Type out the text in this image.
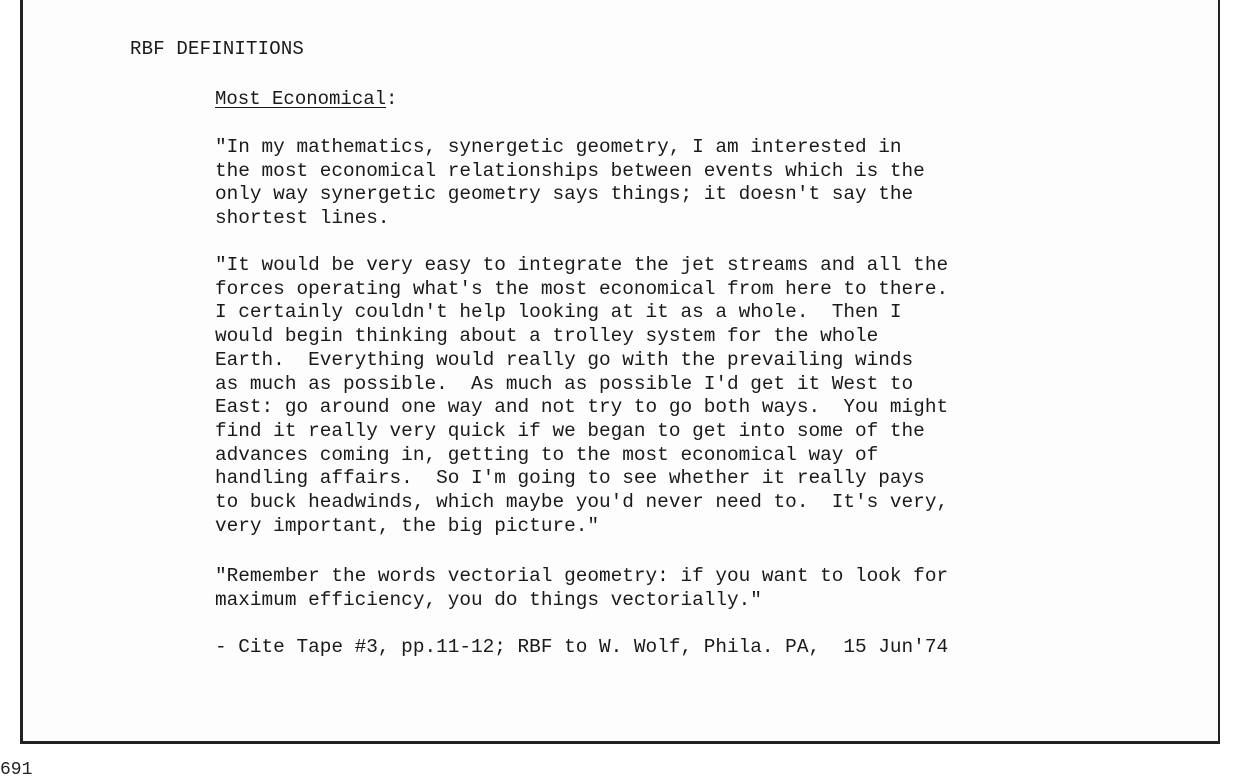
RBF DEFINITIONS
Most Economical:

"In my mathematics, synergetic geometry, I am interested in
the most economical relationships between events which is the
only way synergetic geometry says things; it doesn't say the
shortest lines.

"It would be very easy to integrate the jet streams and all the
forces operating what's the most economical from here to there.
I certainly couldn't help looking at it as a whole.  Then I
would begin thinking about a trolley system for the whole
Earth.  Everything would really go with the prevailing winds
as much as possible.  As much as possible I'd get it West to
East: go around one way and not try to go both ways.  You might
find it really very quick if we began to get into some of the
advances coming in, getting to the most economical way of
handling affairs.  So I'm going to see whether it really pays
to buck headwinds, which maybe you'd never need to.  It's very,
very important, the big picture."

"Remember the words vectorial geometry: if you want to look for
maximum efficiency, you do things vectorially."

- Cite Tape #3, pp.11-12; RBF to W. Wolf, Phila. PA,  15 Jun'74
691
